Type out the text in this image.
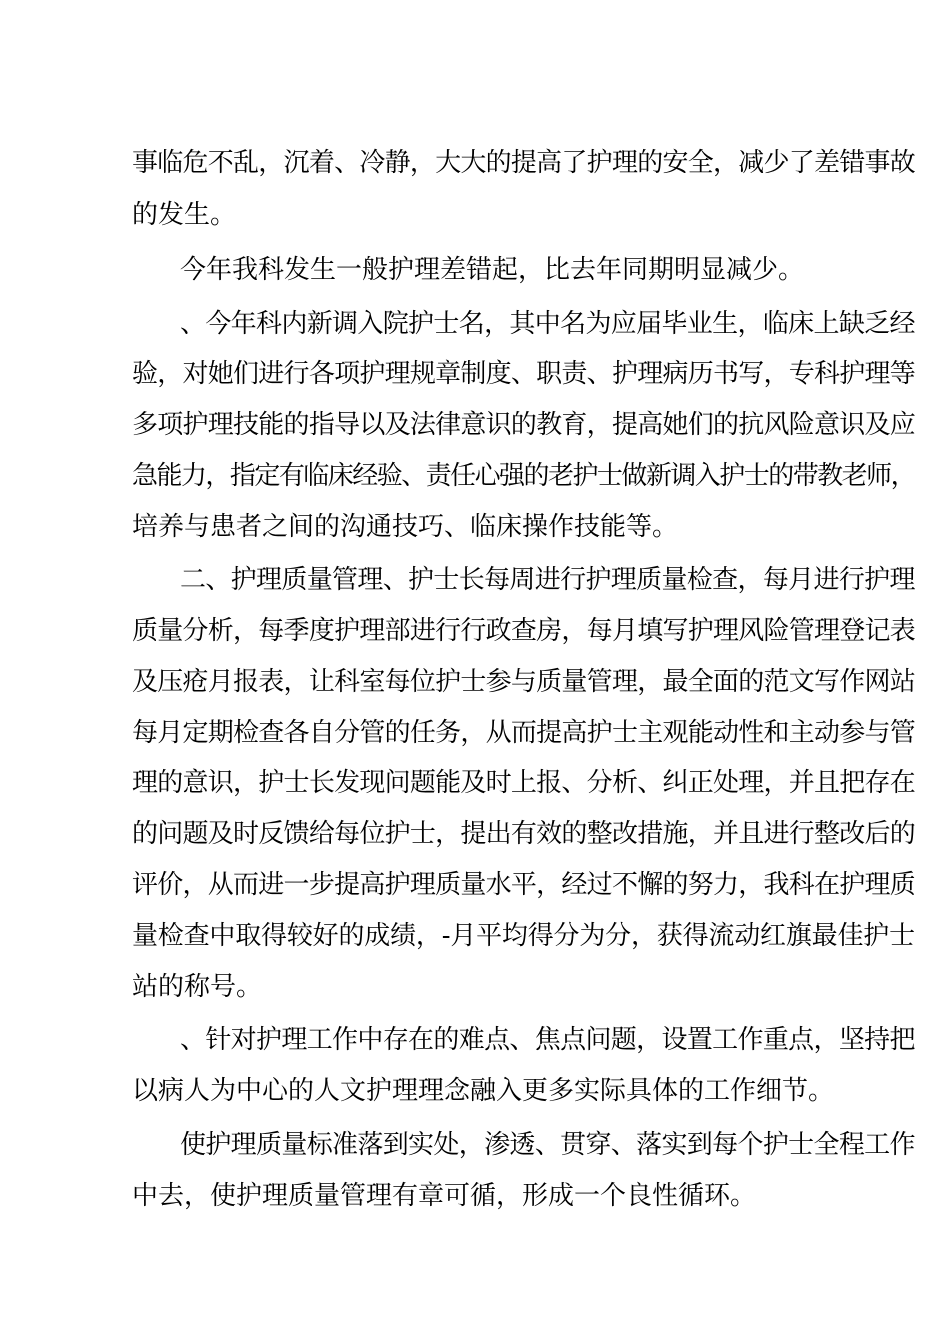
事临危不乱，沉着、冷静，大大的提高了护理的安全，减少了差错事故

的发生。

今年我科发生一般护理差错起，比去年同期明显减少。

、今年科内新调入院护士名，其中名为应届毕业生，临床上缺乏经

验，对她们进行各项护理规章制度、职责、护理病历书写，专科护理等

多项护理技能的指导以及法律意识的教育，提高她们的抗风险意识及应

急能力，指定有临床经验、责任心强的老护士做新调入护士的带教老师，

培养与患者之间的沟通技巧、临床操作技能等。

二、护理质量管理、护士长每周进行护理质量检查，每月进行护理

质量分析，每季度护理部进行行政查房，每月填写护理风险管理登记表

及压疮月报表，让科室每位护士参与质量管理，最全面的范文写作网站

每月定期检查各自分管的任务，从而提高护士主观能动性和主动参与管

理的意识，护士长发现问题能及时上报、分析、纠正处理，并且把存在

的问题及时反馈给每位护士，提出有效的整改措施，并且进行整改后的

评价，从而进一步提高护理质量水平，经过不懈的努力，我科在护理质

量检查中取得较好的成绩，-月平均得分为分，获得流动红旗最佳护士

站的称号。

、针对护理工作中存在的难点、焦点问题，设置工作重点，坚持把

以病人为中心的人文护理理念融入更多实际具体的工作细节。

使护理质量标准落到实处，渗透、贯穿、落实到每个护士全程工作

中去，使护理质量管理有章可循，形成一个良性循环。
